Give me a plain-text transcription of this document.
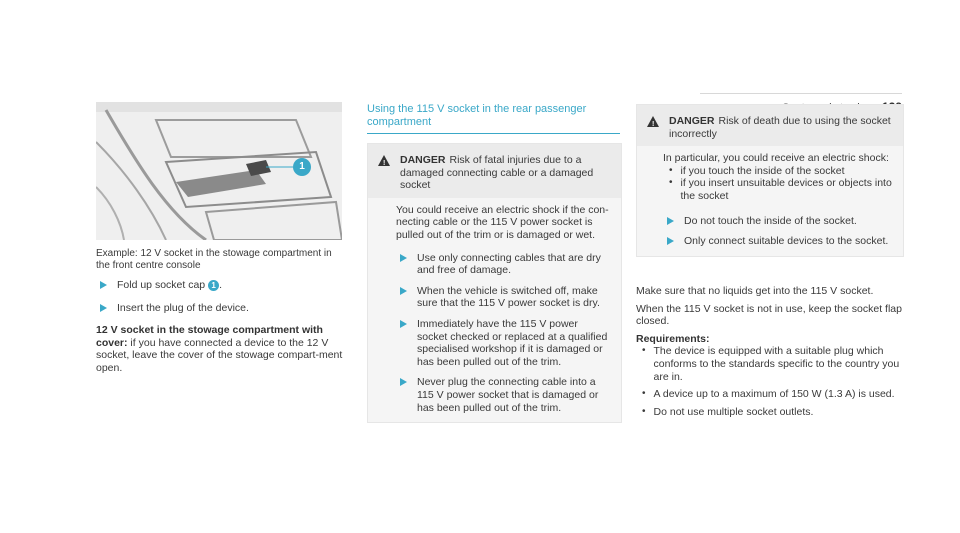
1
Example: 12 V socket in the stowage compartment in the front centre console
Fold up socket cap 1 .
Insert the plug of the device.
12 V socket in the stowage compartment with cover: if you have connected a device to the 12 V socket, leave the cover of the stowage compart-ment open.
Using the 115 V socket in the rear passenger compartment
! DANGER Risk of fatal injuries due to a damaged connecting cable or a damaged socket
You could receive an electric shock if the con-necting cable or the 115 V power socket is pulled out of the trim or is damaged or wet.
Use only connecting cables that are dry and free of damage.
When the vehicle is switched off, make sure that the 115 V power socket is dry.
Immediately have the 115 V power socket checked or replaced at a qualified specialised workshop if it is damaged or has been pulled out of the trim.
Never plug the connecting cable into a 115 V power socket that is damaged or has been pulled out of the trim.
! DANGER Risk of death due to using the socket incorrectly
In particular, you could receive an electric shock:
• if you touch the inside of the socket
• if you insert unsuitable devices or objects into the socket
Do not touch the inside of the socket.
Only connect suitable devices to the socket.
Make sure that no liquids get into the 115 V socket.
When the 115 V socket is not in use, keep the socket flap closed.
Requirements:
• The device is equipped with a suitable plug which conforms to the standards specific to the country you are in.
• A device up to a maximum of 150 W (1.3 A) is used.
• Do not use multiple socket outlets.
